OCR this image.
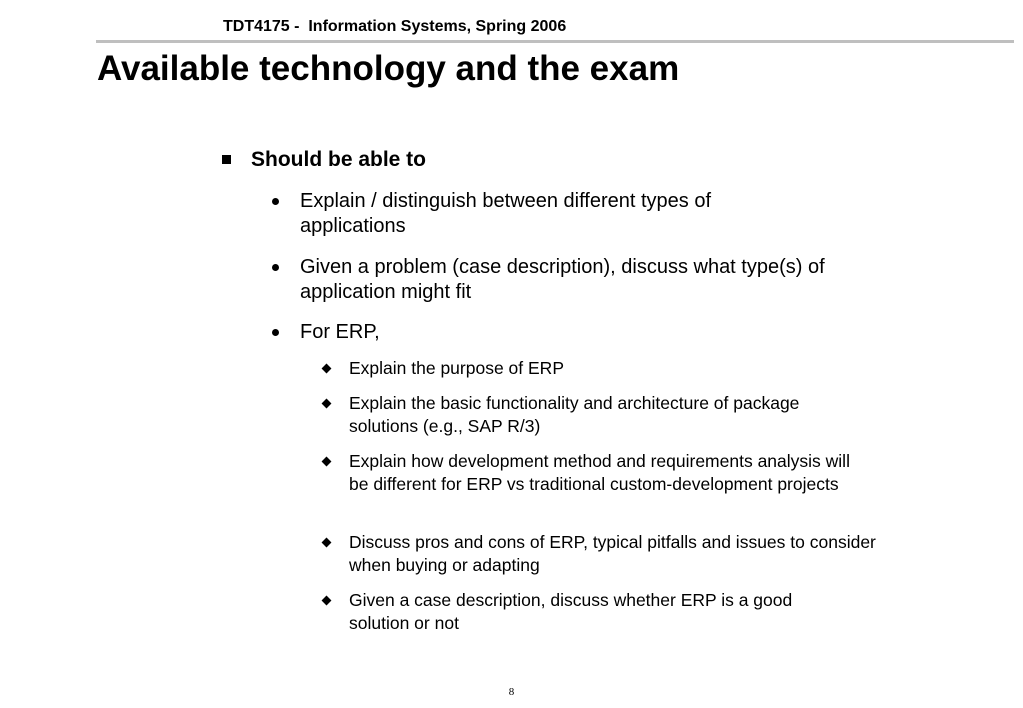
TDT4175 -  Information Systems, Spring 2006
Available technology and the exam
Should be able to
Explain / distinguish between different types of applications
Given a problem (case description), discuss what type(s) of application might fit
For ERP,
Explain the purpose of ERP
Explain the basic functionality and architecture of package solutions (e.g., SAP R/3)
Explain how development method and requirements analysis will be different for ERP vs traditional custom-development projects
Discuss pros and cons of ERP, typical pitfalls and issues to consider when buying or adapting
Given a case description, discuss whether ERP is a good solution or not
8
